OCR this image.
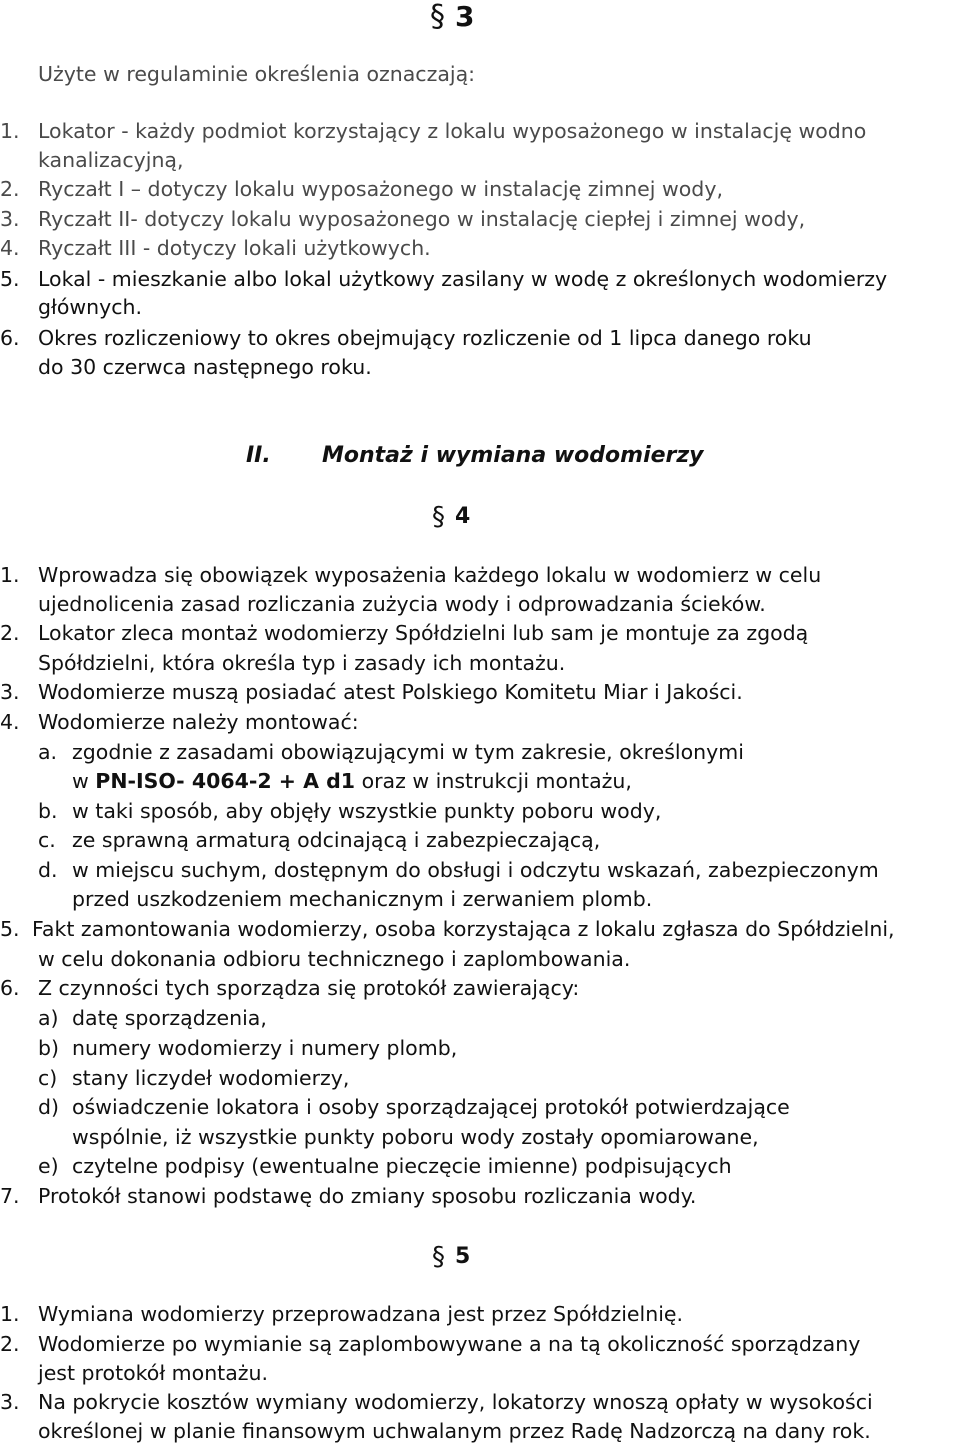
§ 3
Użyte w regulaminie określenia oznaczają:
1. Lokator - każdy podmiot korzystający z lokalu wyposażonego w instalację wodno
kanalizacyjną,
2. Ryczałt I – dotyczy lokalu wyposażonego w instalację zimnej wody,
3. Ryczałt II- dotyczy lokalu wyposażonego w instalację ciepłej i zimnej wody,
4. Ryczałt III - dotyczy lokali użytkowych.
5. Lokal - mieszkanie albo lokal użytkowy zasilany w wodę z określonych wodomierzy
głównych.
6. Okres rozliczeniowy to okres obejmujący rozliczenie od 1 lipca danego roku
do 30 czerwca następnego roku.
II. Montaż i wymiana wodomierzy
§ 4
1. Wprowadza się obowiązek wyposażenia każdego lokalu w wodomierz w celu
ujednolicenia zasad rozliczania zużycia wody i odprowadzania ścieków.
2. Lokator zleca montaż wodomierzy Spółdzielni lub sam je montuje za zgodą
Spółdzielni, która określa typ i zasady ich montażu.
3. Wodomierze muszą posiadać atest Polskiego Komitetu Miar i Jakości.
4. Wodomierze należy montować:
a. zgodnie z zasadami obowiązującymi w tym zakresie, określonymi
w PN-ISO- 4064-2 + A d1 oraz w instrukcji montażu,
b. w taki sposób, aby objęły wszystkie punkty poboru wody,
c. ze sprawną armaturą odcinającą i zabezpieczającą,
d. w miejscu suchym, dostępnym do obsługi i odczytu wskazań, zabezpieczonym
przed uszkodzeniem mechanicznym i zerwaniem plomb.
5. Fakt zamontowania wodomierzy, osoba korzystająca z lokalu zgłasza do Spółdzielni,
w celu dokonania odbioru technicznego i zaplombowania.
6. Z czynności tych sporządza się protokół zawierający:
a) datę sporządzenia,
b) numery wodomierzy i numery plomb,
c) stany liczydeł wodomierzy,
d) oświadczenie lokatora i osoby sporządzającej protokół potwierdzające
wspólnie, iż wszystkie punkty poboru wody zostały opomiarowane,
e) czytelne podpisy (ewentualne pieczęcie imienne) podpisujących
7. Protokół stanowi podstawę do zmiany sposobu rozliczania wody.
§ 5
1. Wymiana wodomierzy przeprowadzana jest przez Spółdzielnię.
2. Wodomierze po wymianie są zaplombowywane a na tą okoliczność sporządzany
jest protokół montażu.
3. Na pokrycie kosztów wymiany wodomierzy, lokatorzy wnoszą opłaty w wysokości
określonej w planie finansowym uchwalanym przez Radę Nadzorczą na dany rok.
